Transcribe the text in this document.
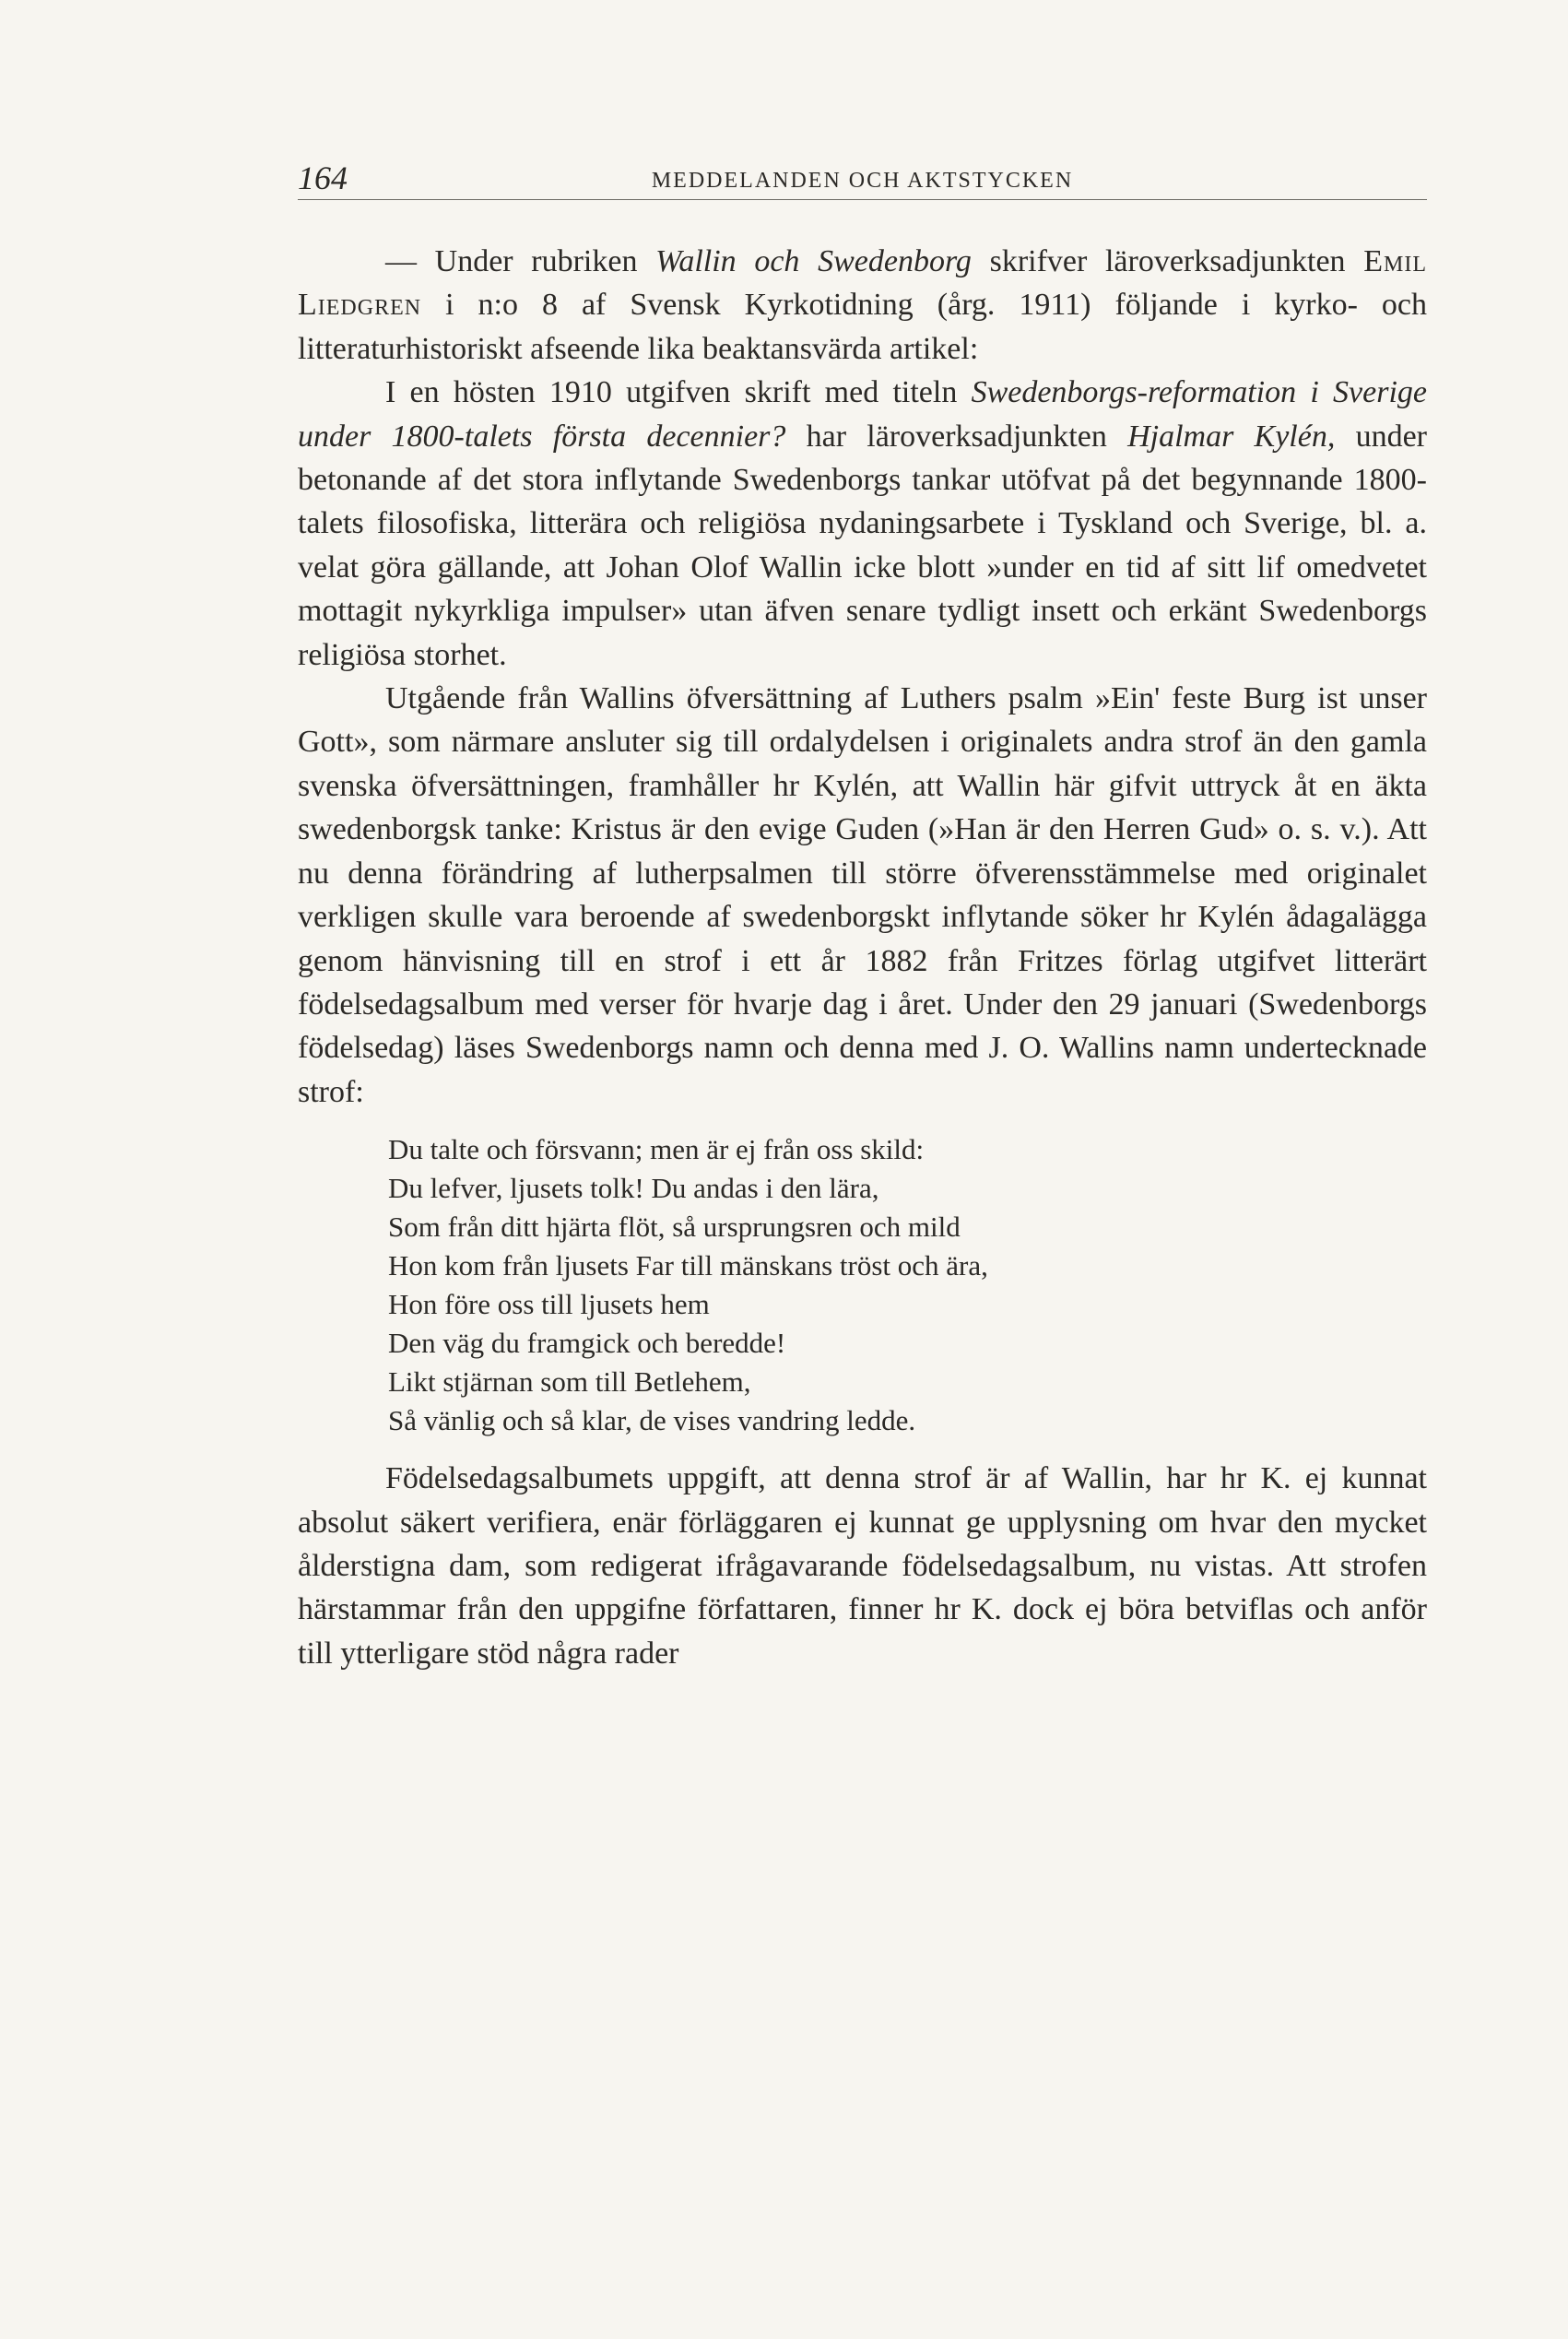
164	MEDDELANDEN OCH AKTSTYCKEN

— Under rubriken Wallin och Swedenborg skrifver läroverksadjunkten Emil Liedgren i n:o 8 af Svensk Kyrkotidning (årg. 1911) följande i kyrko- och litteraturhistoriskt afseende lika beaktansvärda artikel:

I en hösten 1910 utgifven skrift med titeln Swedenborgs-reformation i Sverige under 1800-talets första decennier? har läroverksadjunkten Hjalmar Kylén, under betonande af det stora inflytande Swedenborgs tankar utöfvat på det begynnande 1800-talets filosofiska, litterära och religiösa nydaningsarbete i Tyskland och Sverige, bl. a. velat göra gällande, att Johan Olof Wallin icke blott »under en tid af sitt lif omedvetet mottagit nykyrkliga impulser» utan äfven senare tydligt insett och erkänt Swedenborgs religiösa storhet.

Utgående från Wallins öfversättning af Luthers psalm »Ein' feste Burg ist unser Gott», som närmare ansluter sig till ordalydelsen i originalets andra strof än den gamla svenska öfversättningen, framhåller hr Kylén, att Wallin här gifvit uttryck åt en äkta swedenborgsk tanke: Kristus är den evige Guden (»Han är den Herren Gud» o. s. v.). Att nu denna förändring af lutherpsalmen till större öfverensstämmelse med originalet verkligen skulle vara beroende af swedenborgskt inflytande söker hr Kylén ådagalägga genom hänvisning till en strof i ett år 1882 från Fritzes förlag utgifvet litterärt födelsedagsalbum med verser för hvarje dag i året. Under den 29 januari (Swedenborgs födelsedag) läses Swedenborgs namn och denna med J. O. Wallins namn undertecknade strof:

Du talte och försvann; men är ej från oss skild:
Du lefver, ljusets tolk! Du andas i den lära,
Som från ditt hjärta flöt, så ursprungsren och mild
Hon kom från ljusets Far till mänskans tröst och ära,
Hon före oss till ljusets hem
Den väg du framgick och beredde!
Likt stjärnan som till Betlehem,
Så vänlig och så klar, de vises vandring ledde.

Födelsedagsalbumets uppgift, att denna strof är af Wallin, har hr K. ej kunnat absolut säkert verifiera, enär förläggaren ej kunnat ge upplysning om hvar den mycket ålderstigna dam, som redigerat ifrågavarande födelsedagsalbum, nu vistas. Att strofen härstammar från den uppgifne författaren, finner hr K. dock ej böra betviflas och anför till ytterligare stöd några rader
